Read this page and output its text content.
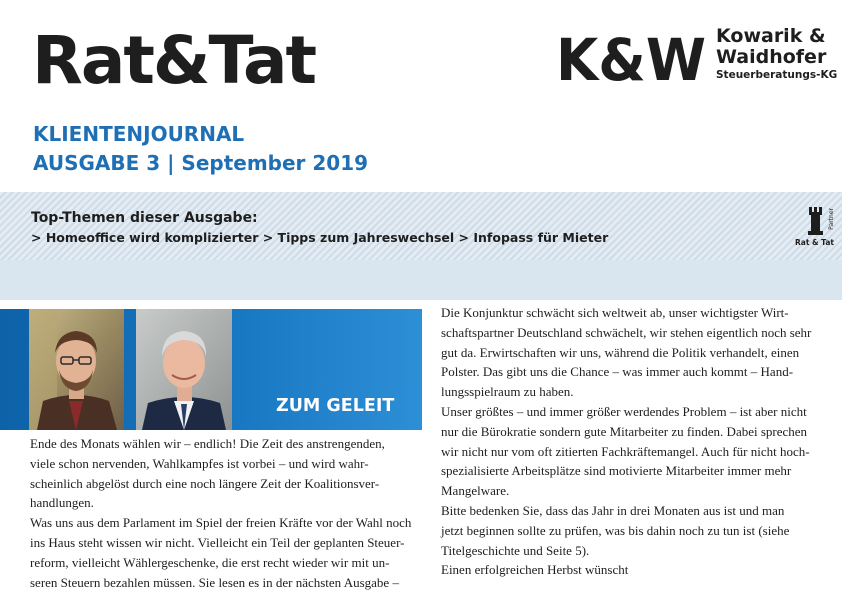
Rat&Tat
KLIENTENJOURNAL
AUSGABE 3 | September 2019
K&W Kowarik &
Waidhofer
Steuerberatungs-KG
Top-Themen dieser Ausgabe:
> Homeoffice wird komplizierter > Tipps zum Jahreswechsel > Infopass für Mieter
Partner
Rat & Tat
ZUM GELEIT
Ende des Monats wählen wir – endlich! Die Zeit des anstrengenden,
viele schon nervenden, Wahlkampfes ist vorbei – und wird wahr-
scheinlich abgelöst durch eine noch längere Zeit der Koalitionsver-
handlungen.
Was uns aus dem Parlament im Spiel der freien Kräfte vor der Wahl noch
ins Haus steht wissen wir nicht. Vielleicht ein Teil der geplanten Steuer-
reform, vielleicht Wählergeschenke, die erst recht wieder wir mit un-
seren Steuern bezahlen müssen. Sie lesen es in der nächsten Ausgabe –
Die Konjunktur schwächt sich weltweit ab, unser wichtigster Wirt-
schaftspartner Deutschland schwächelt, wir stehen eigentlich noch sehr
gut da. Erwirtschaften wir uns, während die Politik verhandelt, einen
Polster. Das gibt uns die Chance – was immer auch kommt – Hand-
lungsspielraum zu haben.
Unser größtes – und immer größer werdendes Problem – ist aber nicht
nur die Bürokratie sondern gute Mitarbeiter zu finden. Dabei sprechen
wir nicht nur vom oft zitierten Fachkräftemangel. Auch für nicht hoch-
spezialisierte Arbeitsplätze sind motivierte Mitarbeiter immer mehr
Mangelware.
Bitte bedenken Sie, dass das Jahr in drei Monaten aus ist und man
jetzt beginnen sollte zu prüfen, was bis dahin noch zu tun ist (siehe
Titelgeschichte und Seite 5).
Einen erfolgreichen Herbst wünscht
